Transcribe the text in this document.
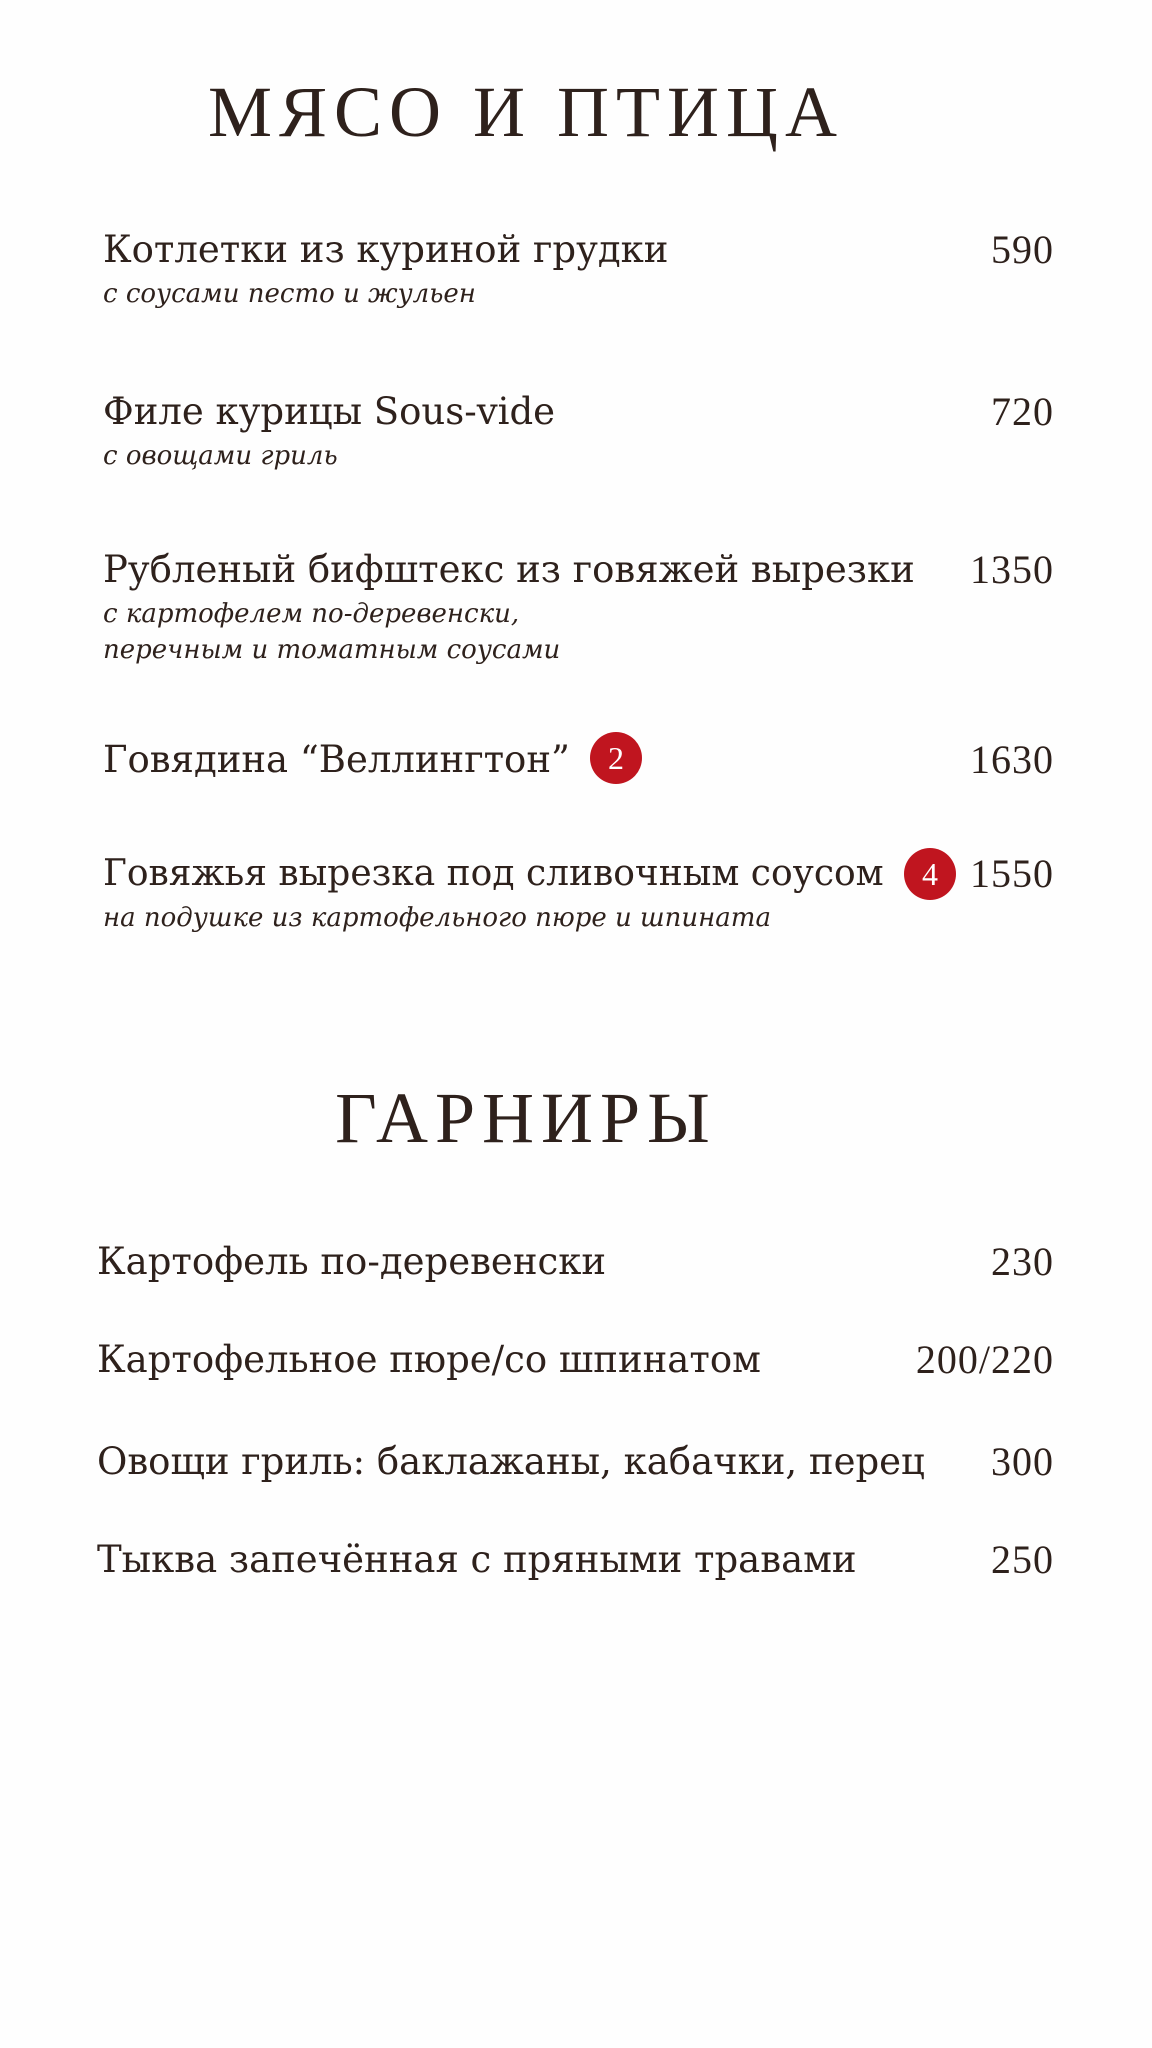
МЯСО И ПТИЦА
Котлетки из куриной грудки	590
с соусами песто и жульен
Филе курицы Sous-vide	720
с овощами гриль
Рубленый бифштекс из говяжей вырезки 1350
с картофелем по-деревенски,
перечным и томатным соусами
Говядина “Веллингтон”	2	1630
Говяжья вырезка под сливочным соусом	4 1550
на подушке из картофельного пюре и шпината
ГАРНИРЫ
Картофель по-деревенски	230
Картофельное пюре/со шпинатом	200/220
Овощи гриль: баклажаны, кабачки, перец 300
Тыква запечённая с пряными травами	250
